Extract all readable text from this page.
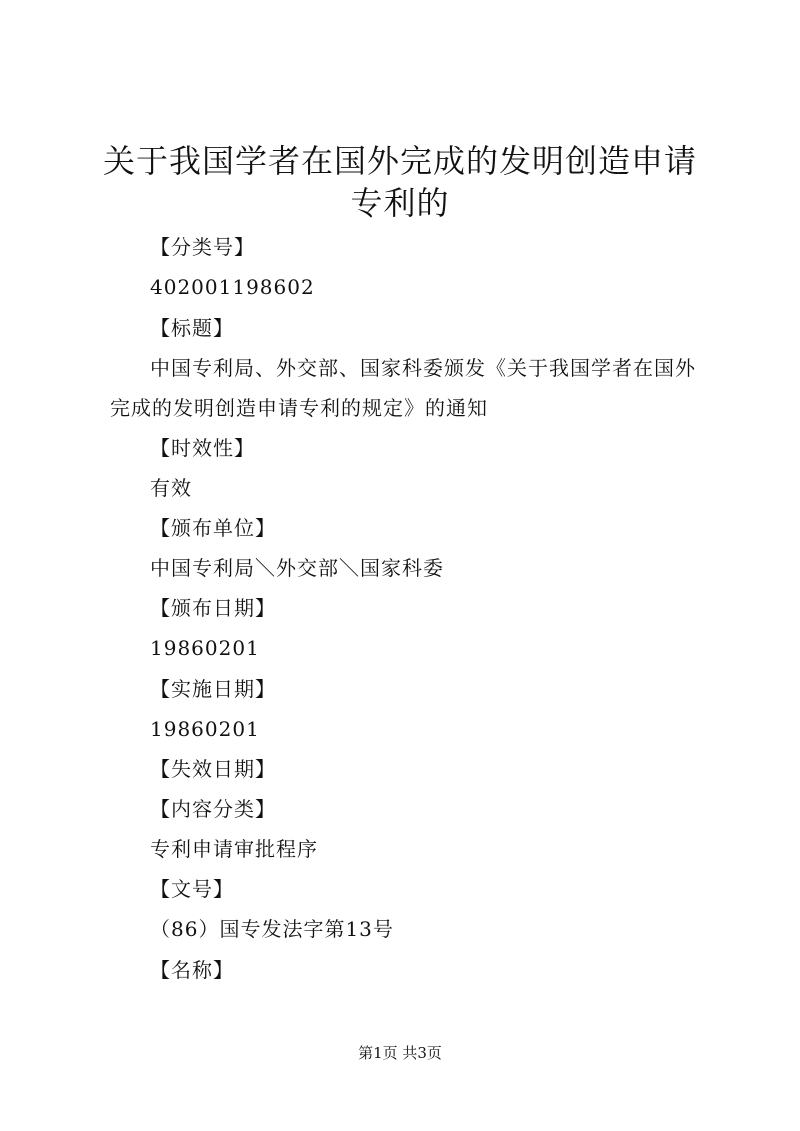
关于我国学者在国外完成的发明创造申请专利的

【分类号】

402001198602

【标题】

中国专利局、外交部、国家科委颁发《关于我国学者在国外完成的发明创造申请专利的规定》的通知

【时效性】

有效

【颁布单位】

中国专利局＼外交部＼国家科委

【颁布日期】

19860201

【实施日期】

19860201

【失效日期】

【内容分类】

专利申请审批程序

【文号】

（86）国专发法字第13号

【名称】

第1页 共3页
